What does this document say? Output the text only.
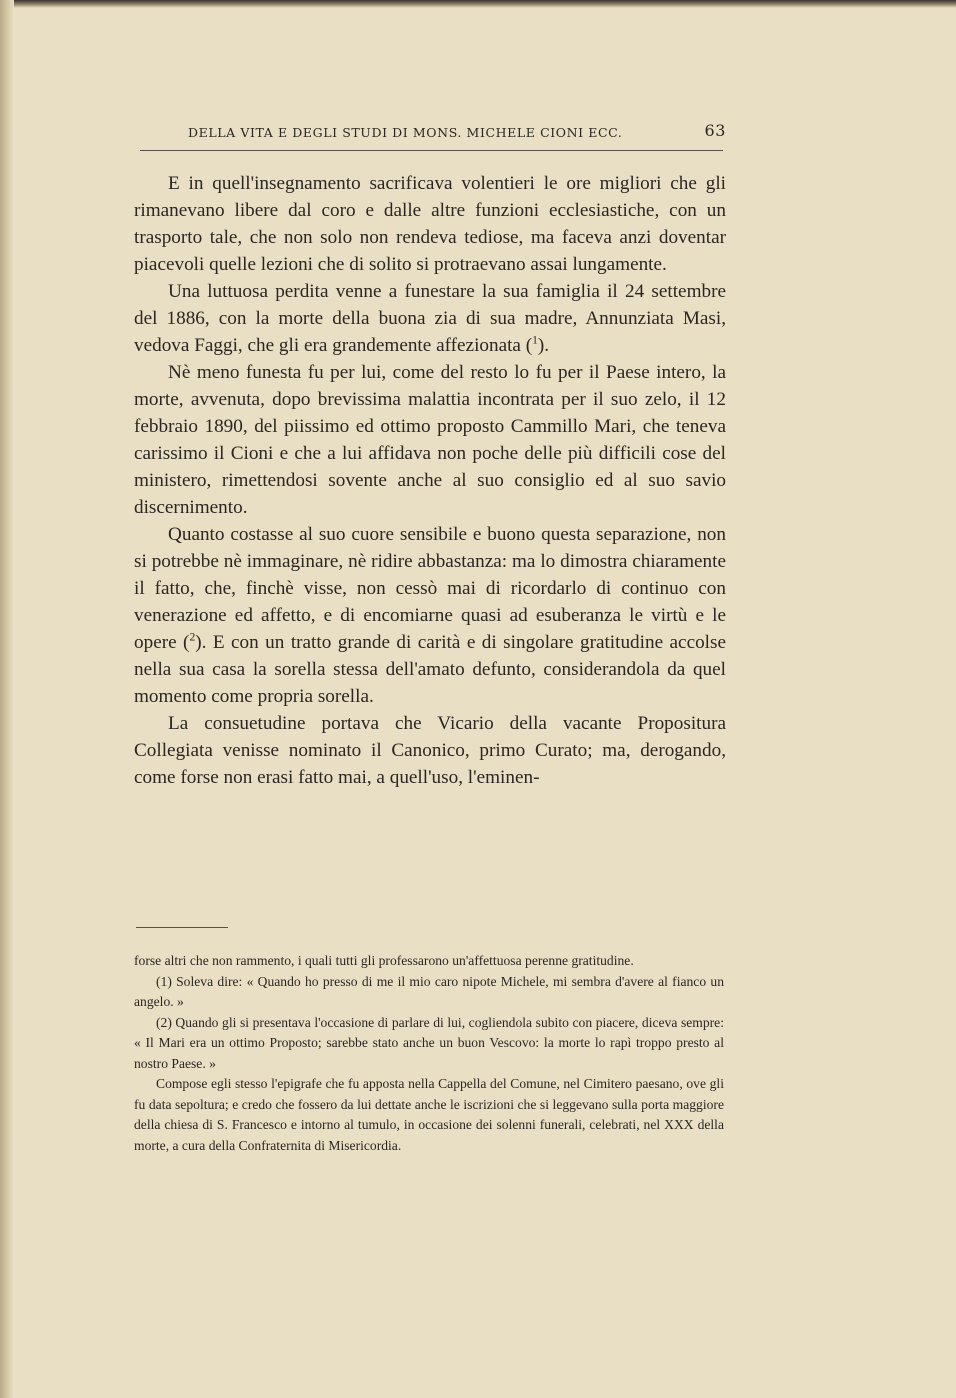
DELLA VITA E DEGLI STUDI DI MONS. MICHELE CIONI ECC.	63

E in quell'insegnamento sacrificava volentieri le ore migliori che gli rimanevano libere dal coro e dalle altre funzioni ecclesiastiche, con un trasporto tale, che non solo non rendeva tediose, ma faceva anzi doventar piacevoli quelle lezioni che di solito si protraevano assai lungamente.

Una luttuosa perdita venne a funestare la sua famiglia il 24 settembre del 1886, con la morte della buona zia di sua madre, Annunziata Masi, vedova Faggi, che gli era grandemente affezionata ($^1$).

Nè meno funesta fu per lui, come del resto lo fu per il Paese intero, la morte, avvenuta, dopo brevissima malattia incontrata per il suo zelo, il 12 febbraio 1890, del piissimo ed ottimo proposto Cammillo Mari, che teneva carissimo il Cioni e che a lui affidava non poche delle più difficili cose del ministero, rimettendosi sovente anche al suo consiglio ed al suo savio discernimento.

Quanto costasse al suo cuore sensibile e buono questa separazione, non si potrebbe nè immaginare, nè ridire abbastanza: ma lo dimostra chiaramente il fatto, che, finchè visse, non cessò mai di ricordarlo di continuo con venerazione ed affetto, e di encomiarne quasi ad esuberanza le virtù e le opere ($^2$). E con un tratto grande di carità e di singolare gratitudine accolse nella sua casa la sorella stessa dell'amato defunto, considerandola da quel momento come propria sorella.

La consuetudine portava che Vicario della vacante Propositura Collegiata venisse nominato il Canonico, primo Curato; ma, derogando, come forse non erasi fatto mai, a quell'uso, l'eminen-

forse altri che non rammento, i quali tutti gli professarono un'affettuosa perenne gratitudine.

(1) Soleva dire: « Quando ho presso di me il mio caro nipote Michele, mi sembra d'avere al fianco un angelo. »

(2) Quando gli si presentava l'occasione di parlare di lui, cogliendola subito con piacere, diceva sempre: « Il Mari era un ottimo Proposto; sarebbe stato anche un buon Vescovo: la morte lo rapì troppo presto al nostro Paese. »

Compose egli stesso l'epigrafe che fu apposta nella Cappella del Comune, nel Cimitero paesano, ove gli fu data sepoltura; e credo che fossero da lui dettate anche le iscrizioni che si leggevano sulla porta maggiore della chiesa di S. Francesco e intorno al tumulo, in occasione dei solenni funerali, celebrati, nel XXX della morte, a cura della Confraternita di Misericordia.
